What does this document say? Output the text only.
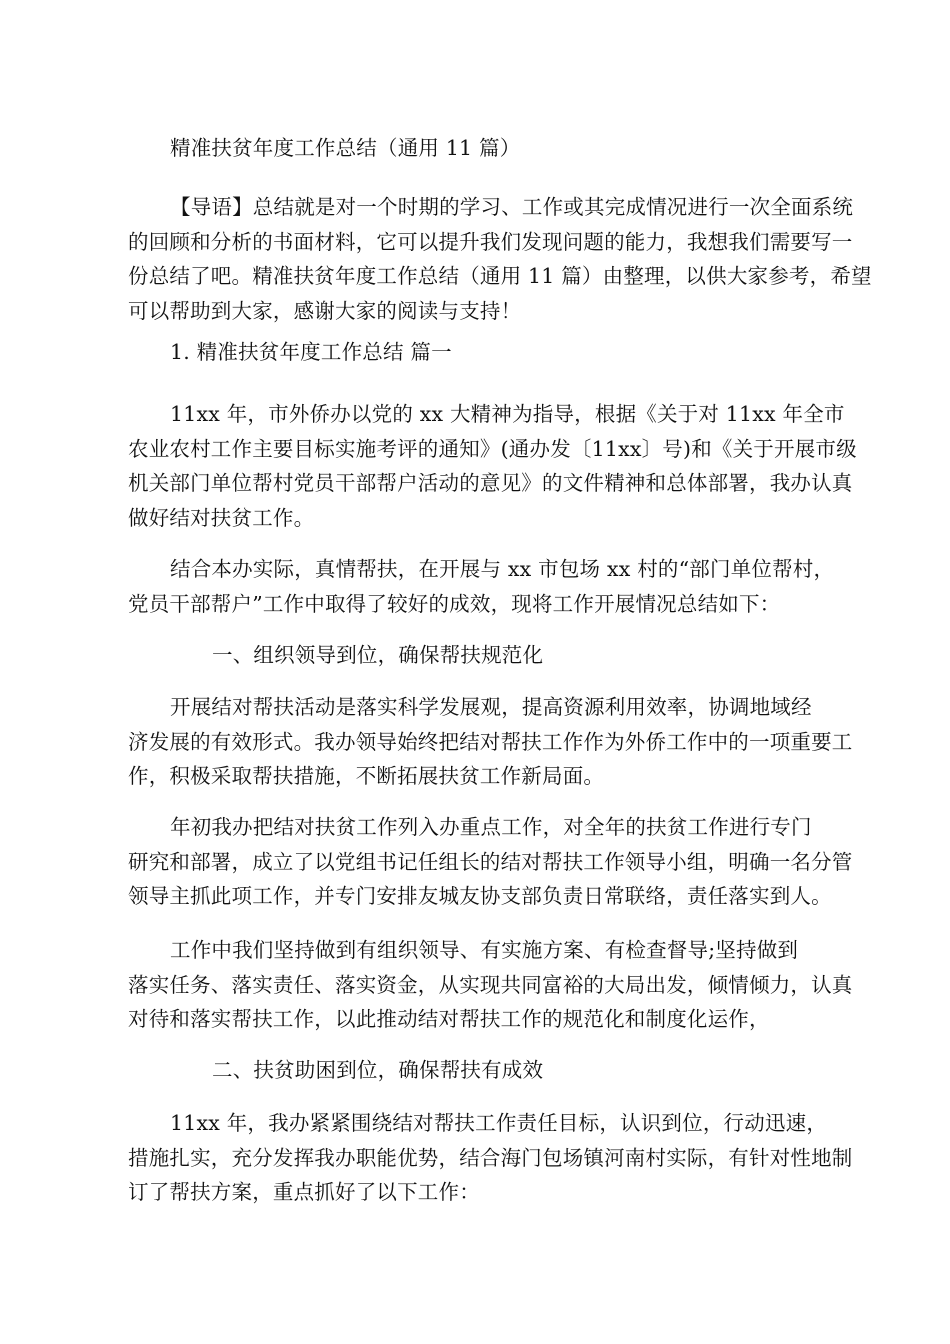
精准扶贫年度工作总结（通用 11 篇）
【导语】总结就是对一个时期的学习、工作或其完成情况进行一次全面系统
的回顾和分析的书面材料，它可以提升我们发现问题的能力，我想我们需要写一
份总结了吧。精准扶贫年度工作总结（通用 11 篇）由整理，以供大家参考，希望
可以帮助到大家，感谢大家的阅读与支持！
1. 精准扶贫年度工作总结 篇一
11xx 年，市外侨办以党的 xx 大精神为指导，根据《关于对 11xx 年全市
农业农村工作主要目标实施考评的通知》(通办发〔11xx〕号)和《关于开展市级
机关部门单位帮村党员干部帮户活动的意见》的文件精神和总体部署，我办认真
做好结对扶贫工作。
结合本办实际，真情帮扶，在开展与 xx 市包场 xx 村的“部门单位帮村，
党员干部帮户”工作中取得了较好的成效，现将工作开展情况总结如下：
一、组织领导到位，确保帮扶规范化
开展结对帮扶活动是落实科学发展观，提高资源利用效率，协调地域经
济发展的有效形式。我办领导始终把结对帮扶工作作为外侨工作中的一项重要工
作，积极采取帮扶措施，不断拓展扶贫工作新局面。
年初我办把结对扶贫工作列入办重点工作，对全年的扶贫工作进行专门
研究和部署，成立了以党组书记任组长的结对帮扶工作领导小组，明确一名分管
领导主抓此项工作，并专门安排友城友协支部负责日常联络，责任落实到人。
工作中我们坚持做到有组织领导、有实施方案、有检查督导;坚持做到
落实任务、落实责任、落实资金，从实现共同富裕的大局出发，倾情倾力，认真
对待和落实帮扶工作，以此推动结对帮扶工作的规范化和制度化运作，
二、扶贫助困到位，确保帮扶有成效
11xx 年，我办紧紧围绕结对帮扶工作责任目标，认识到位，行动迅速，
措施扎实，充分发挥我办职能优势，结合海门包场镇河南村实际，有针对性地制
订了帮扶方案，重点抓好了以下工作：
